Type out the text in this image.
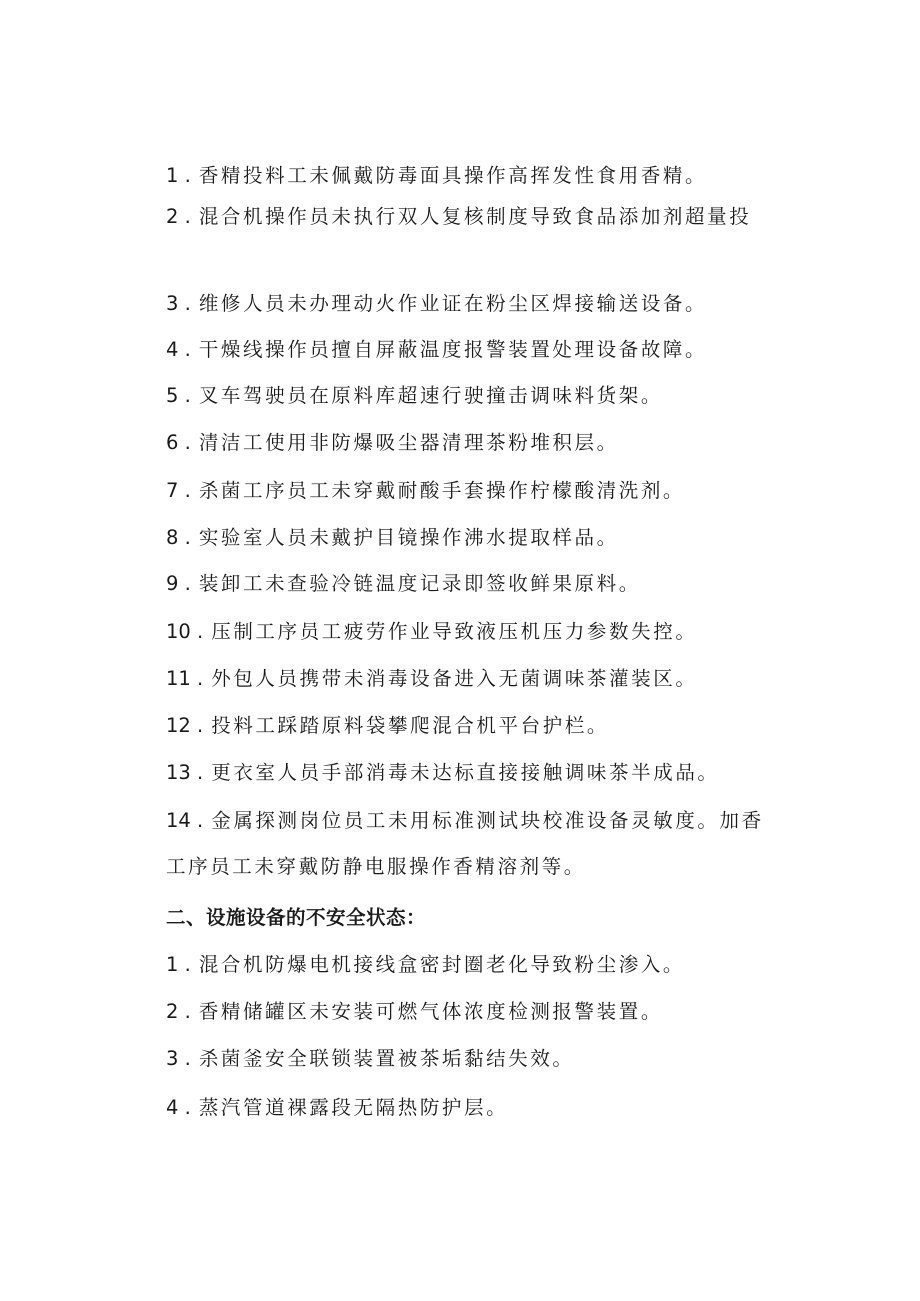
1 . 香精投料工未佩戴防毒面具操作高挥发性食用香精。
2 . 混合机操作员未执行双人复核制度导致食品添加剂超量投
3 . 维修人员未办理动火作业证在粉尘区焊接输送设备。
4 . 干燥线操作员擅自屏蔽温度报警装置处理设备故障。
5 . 叉车驾驶员在原料库超速行驶撞击调味料货架。
6 . 清洁工使用非防爆吸尘器清理茶粉堆积层。
7 . 杀菌工序员工未穿戴耐酸手套操作柠檬酸清洗剂。
8 . 实验室人员未戴护目镜操作沸水提取样品。
9 . 装卸工未查验冷链温度记录即签收鲜果原料。
10 . 压制工序员工疲劳作业导致液压机压力参数失控。
11 . 外包人员携带未消毒设备进入无菌调味茶灌装区。
12 . 投料工踩踏原料袋攀爬混合机平台护栏。
13 . 更衣室人员手部消毒未达标直接接触调味茶半成品。
14 . 金属探测岗位员工未用标准测试块校准设备灵敏度。加香
工序员工未穿戴防静电服操作香精溶剂等。
二、设施设备的不安全状态：
1 . 混合机防爆电机接线盒密封圈老化导致粉尘渗入。
2 . 香精储罐区未安装可燃气体浓度检测报警装置。
3 . 杀菌釜安全联锁装置被茶垢黏结失效。
4 . 蒸汽管道裸露段无隔热防护层。
